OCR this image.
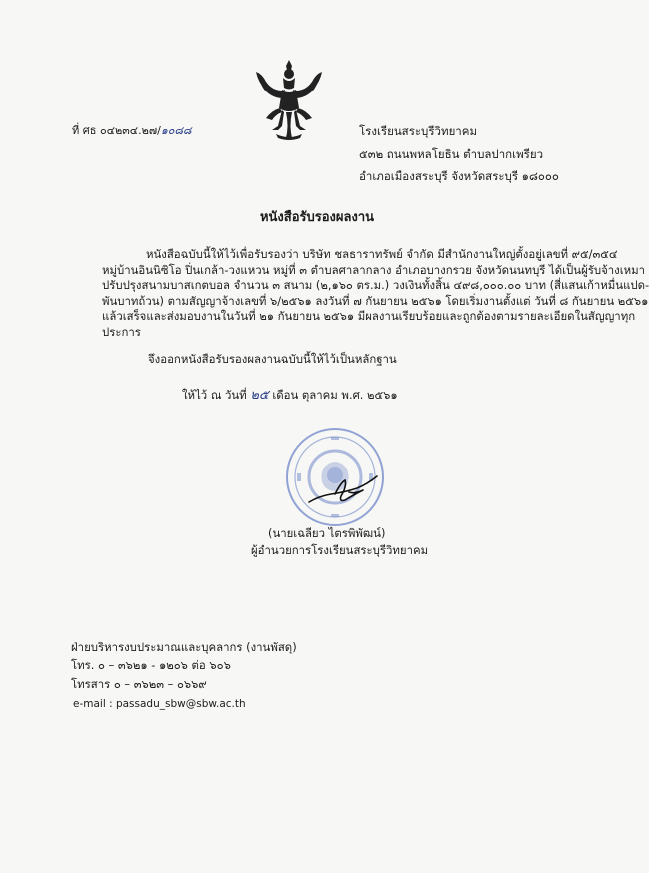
ที่ ศธ ๐๔๒๓๔.๒๗/๑๐๘๘	โรงเรียนสระบุรีวิทยาคม
๕๓๒ ถนนพหลโยธิน ตำบลปากเพรียว
อำเภอเมืองสระบุรี จังหวัดสระบุรี ๑๘๐๐๐
หนังสือรับรองผลงาน
หนังสือฉบับนี้ให้ไว้เพื่อรับรองว่า บริษัท ชลธาราทรัพย์ จำกัด มีสำนักงานใหญ่ตั้งอยู่เลขที่ ๙๕/๓๕๔
หมู่บ้านอินนิซิโอ ปิ่นเกล้า-วงแหวน หมู่ที่ ๓ ตำบลศาลากลาง อำเภอบางกรวย จังหวัดนนทบุรี ได้เป็นผู้รับจ้างเหมา
ปรับปรุงสนามบาสเกตบอล จำนวน ๓ สนาม (๒,๑๖๐ ตร.ม.) วงเงินทั้งสิ้น ๔๙๘,๐๐๐.๐๐ บาท (สี่แสนเก้าหมื่นแปด-
พันบาทถ้วน) ตามสัญญาจ้างเลขที่ ๖/๒๕๖๑ ลงวันที่ ๗ กันยายน ๒๕๖๑ โดยเริ่มงานตั้งแต่ วันที่ ๘ กันยายน ๒๕๖๑
แล้วเสร็จและส่งมอบงานในวันที่ ๒๑ กันยายน ๒๕๖๑ มีผลงานเรียบร้อยและถูกต้องตามรายละเอียดในสัญญาทุก
ประการ
จึงออกหนังสือรับรองผลงานฉบับนี้ให้ไว้เป็นหลักฐาน
ให้ไว้ ณ วันที่ ๒๕ เดือน ตุลาคม พ.ศ. ๒๕๖๑
(นายเฉลียว ไตรพิพัฒน์)
ผู้อำนวยการโรงเรียนสระบุรีวิทยาคม
ฝ่ายบริหารงบประมาณและบุคลากร (งานพัสดุ)
โทร. ๐ – ๓๖๒๑ - ๑๒๐๖ ต่อ ๖๐๖
โทรสาร ๐ – ๓๖๒๓ – ๐๖๖๙
e-mail : passadu_sbw@sbw.ac.th
